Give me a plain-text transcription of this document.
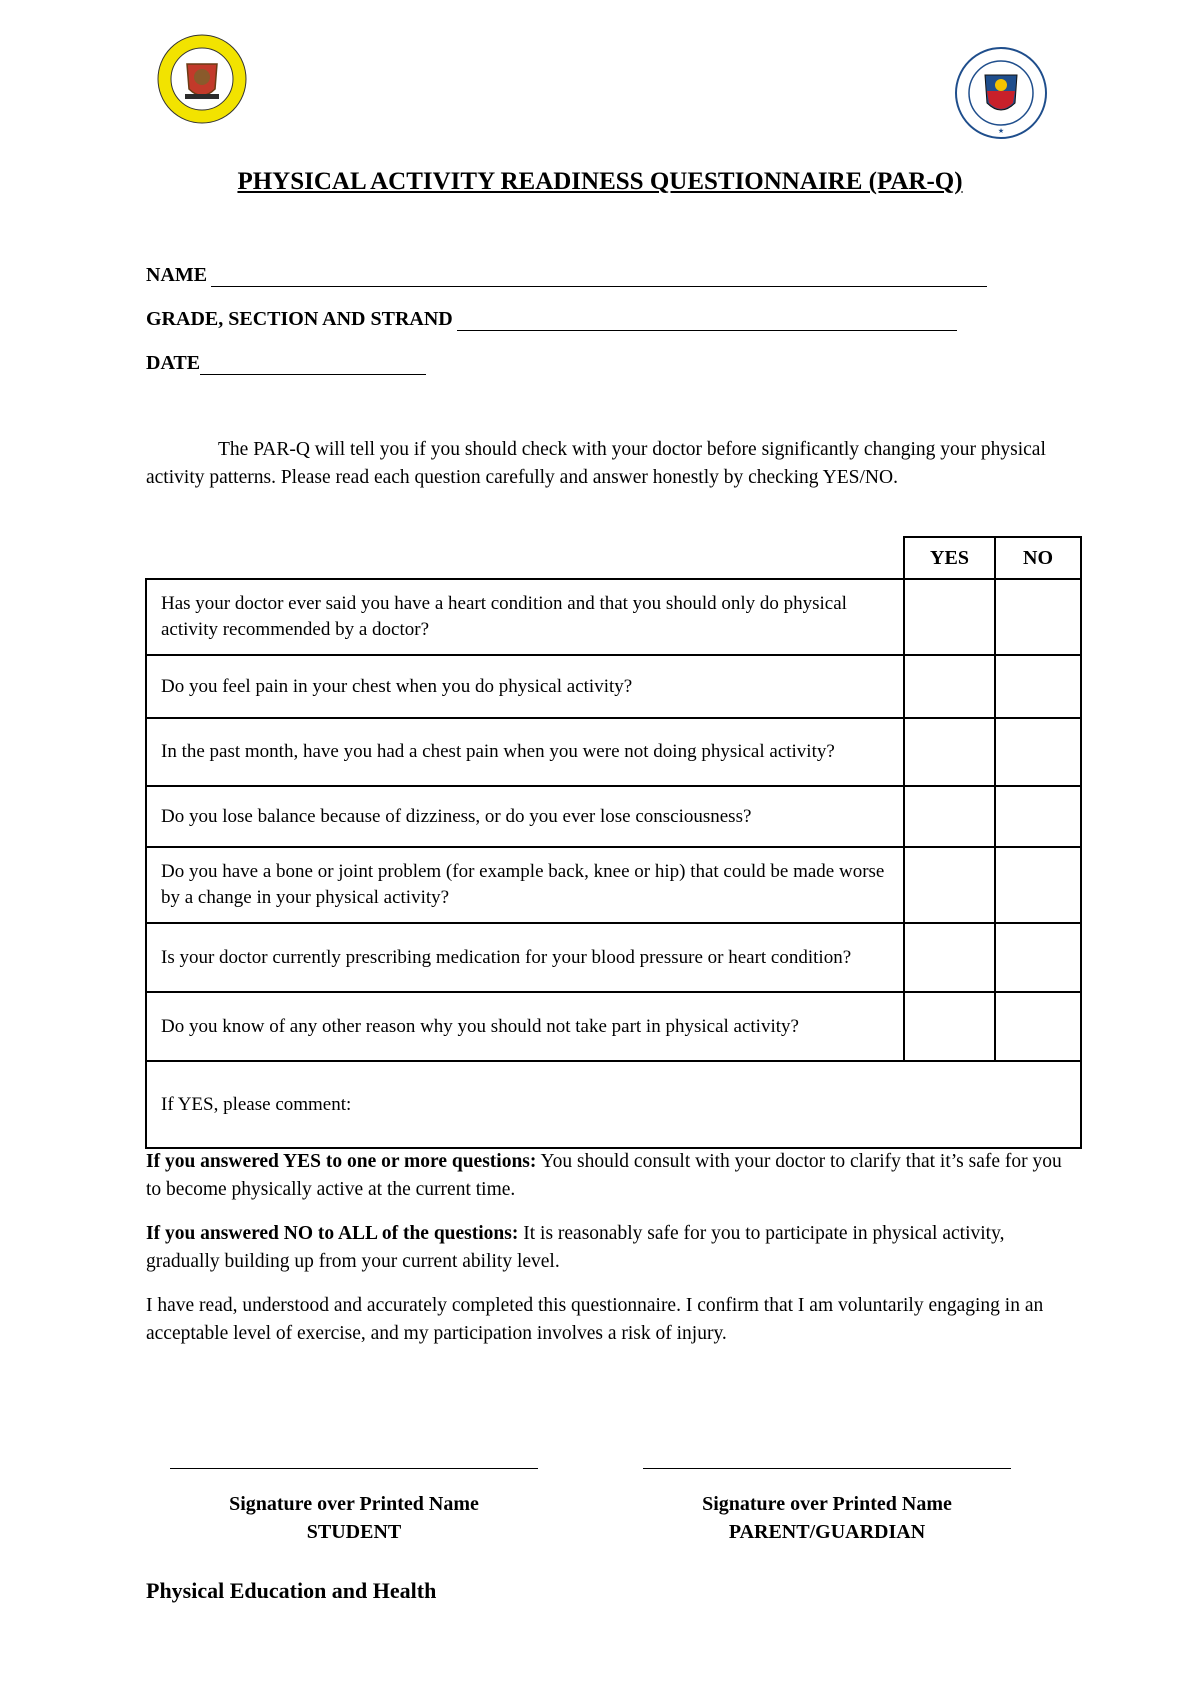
★
PHYSICAL ACTIVITY READINESS QUESTIONNAIRE (PAR-Q)
NAME
GRADE, SECTION AND STRAND
DATE
The PAR-Q will tell you if you should check with your doctor before significantly changing your physical activity patterns. Please read each question carefully and answer honestly by checking YES/NO.
	YES	NO
Has your doctor ever said you have a heart condition and that you should only do physical activity recommended by a doctor?		
Do you feel pain in your chest when you do physical activity?		
In the past month, have you had a chest pain when you were not doing physical activity?		
Do you lose balance because of dizziness, or do you ever lose consciousness?		
Do you have a bone or joint problem (for example back, knee or hip) that could be made worse by a change in your physical activity?		
Is your doctor currently prescribing medication for your blood pressure or heart condition?		
Do you know of any other reason why you should not take part in physical activity?		
If YES, please comment:		
If you answered YES to one or more questions: You should consult with your doctor to clarify that it’s safe for you to become physically active at the current time.
If you answered NO to ALL of the questions: It is reasonably safe for you to participate in physical activity, gradually building up from your current ability level.
I have read, understood and accurately completed this questionnaire. I confirm that I am voluntarily engaging in an acceptable level of exercise, and my participation involves a risk of injury.
Signature over Printed Name
STUDENT
Signature over Printed Name
PARENT/GUARDIAN
Physical Education and Health
